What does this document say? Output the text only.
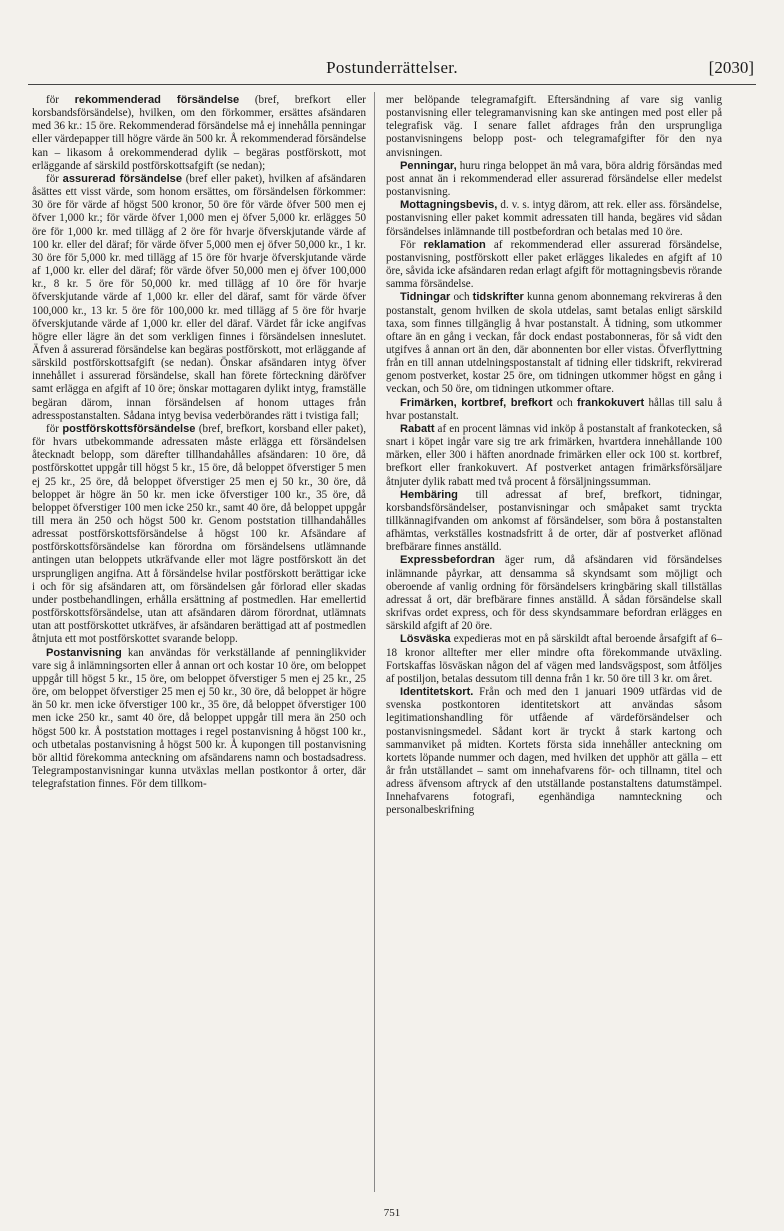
Postunderrättelser.	[2030]

för rekommenderad försändelse (bref, brefkort eller korsbandsförsändelse), hvilken, om den förkommer, ersättes afsändaren med 36 kr.: 15 öre. Rekommenderad försändelse må ej innehålla penningar eller värdepapper till högre värde än 500 kr. Å rekommenderad försändelse kan – likasom å orekommenderad dylik – begäras postförskott, mot erläggande af särskild postförskottsafgift (se nedan);

för assurerad försändelse (bref eller paket), hvilken af afsändaren åsättes ett visst värde, som honom ersättes, om försändelsen förkommer: 30 öre för värde af högst 500 kronor, 50 öre för värde öfver 500 men ej öfver 1,000 kr.; för värde öfver 1,000 men ej öfver 5,000 kr. erlägges 50 öre för 1,000 kr. med tillägg af 2 öre för hvarje öfverskjutande värde af 100 kr. eller del däraf; för värde öfver 5,000 men ej öfver 50,000 kr., 1 kr. 30 öre för 5,000 kr. med tillägg af 15 öre för hvarje öfverskjutande värde af 1,000 kr. eller del däraf; för värde öfver 50,000 men ej öfver 100,000 kr., 8 kr. 5 öre för 50,000 kr. med tillägg af 10 öre för hvarje öfverskjutande värde af 1,000 kr. eller del däraf, samt för värde öfver 100,000 kr., 13 kr. 5 öre för 100,000 kr. med tillägg af 5 öre för hvarje öfverskjutande värde af 1,000 kr. eller del däraf. Värdet får icke angifvas högre eller lägre än det som verkligen finnes i försändelsen inneslutet. Äfven å assurerad försändelse kan begäras postförskott, mot erläggande af särskild postförskottsafgift (se nedan). Önskar afsändaren intyg öfver innehållet i assurerad försändelse, skall han förete förteckning däröfver samt erlägga en afgift af 10 öre; önskar mottagaren dylikt intyg, framställe begäran därom, innan försändelsen af honom uttages från adresspostanstalten. Sådana intyg bevisa vederbörandes rätt i tvistiga fall;

för postförskottsförsändelse (bref, brefkort, korsband eller paket), för hvars utbekommande adressaten måste erlägga ett försändelsen åtecknadt belopp, som därefter tillhandahålles afsändaren: 10 öre, då postförskottet uppgår till högst 5 kr., 15 öre, då beloppet öfverstiger 5 men ej 25 kr., 25 öre, då beloppet öfverstiger 25 men ej 50 kr., 30 öre, då beloppet är högre än 50 kr. men icke öfverstiger 100 kr., 35 öre, då beloppet öfverstiger 100 men icke 250 kr., samt 40 öre, då beloppet uppgår till mera än 250 och högst 500 kr. Genom poststation tillhandahålles adressat postförskottsförsändelse å högst 100 kr. Afsändare af postförskottsförsändelse kan förordna om försändelsens utlämnande antingen utan beloppets utkräfvande eller mot lägre postförskott än det ursprungligen angifna. Att å försändelse hvilar postförskott berättigar icke i och för sig afsändaren att, om försändelsen går förlorad eller skadas under postbehandlingen, erhålla ersättning af postmedlen. Har emellertid postförskottsförsändelse, utan att afsändaren därom förordnat, utlämnats utan att postförskottet utkräfves, är afsändaren berättigad att af postmedlen åtnjuta ett mot postförskottet svarande belopp.

Postanvisning kan användas för verkställande af penninglikvider vare sig å inlämningsorten eller å annan ort och kostar 10 öre, om beloppet uppgår till högst 5 kr., 15 öre, om beloppet öfverstiger 5 men ej 25 kr., 25 öre, om beloppet öfverstiger 25 men ej 50 kr., 30 öre, då beloppet är högre än 50 kr. men icke öfverstiger 100 kr., 35 öre, då beloppet öfverstiger 100 men icke 250 kr., samt 40 öre, då beloppet uppgår till mera än 250 och högst 500 kr. Å poststation mottages i regel postanvisning å högst 100 kr., och utbetalas postanvisning å högst 500 kr. Å kupongen till postanvisning bör alltid förekomma anteckning om afsändarens namn och bostadsadress. Telegrampostanvisningar kunna utväxlas mellan postkontor å orter, där telegrafstation finnes. För dem tillkom-

mer belöpande telegramafgift. Eftersändning af vare sig vanlig postanvisning eller telegramanvisning kan ske antingen med post eller på telegrafisk väg. I senare fallet afdrages från den ursprungliga postanvisningens belopp post- och telegramafgifter för den nya anvisningen.

Penningar, huru ringa beloppet än må vara, böra aldrig försändas med post annat än i rekommenderad eller assurerad försändelse eller medelst postanvisning.

Mottagningsbevis, d. v. s. intyg därom, att rek. eller ass. försändelse, postanvisning eller paket kommit adressaten till handa, begäres vid sådan försändelses inlämnande till postbefordran och betalas med 10 öre.

För reklamation af rekommenderad eller assurerad försändelse, postanvisning, postförskott eller paket erlägges likaledes en afgift af 10 öre, såvida icke afsändaren redan erlagt afgift för mottagningsbevis rörande samma försändelse.

Tidningar och tidskrifter kunna genom abonnemang rekvireras å den postanstalt, genom hvilken de skola utdelas, samt betalas enligt särskild taxa, som finnes tillgänglig å hvar postanstalt. Å tidning, som utkommer oftare än en gång i veckan, får dock endast postabonneras, för så vidt den utgifves å annan ort än den, där abonnenten bor eller vistas. Öfverflyttning från en till annan utdelningspostanstalt af tidning eller tidskrift, rekvirerad genom postverket, kostar 25 öre, om tidningen utkommer högst en gång i veckan, och 50 öre, om tidningen utkommer oftare.

Frimärken, kortbref, brefkort och frankokuvert hållas till salu å hvar postanstalt.

Rabatt af en procent lämnas vid inköp å postanstalt af frankotecken, så snart i köpet ingår vare sig tre ark frimärken, hvartdera innehållande 100 märken, eller 300 i häften anordnade frimärken eller ock 100 st. kortbref, brefkort eller frankokuvert. Af postverket antagen frimärksförsäljare åtnjuter dylik rabatt med två procent å försäljningssumman.

Hembäring till adressat af bref, brefkort, tidningar, korsbandsförsändelser, postanvisningar och småpaket samt tryckta tillkännagifvanden om ankomst af försändelser, som böra å postanstalten afhämtas, verkställes kostnadsfritt å de orter, där af postverket aflönad brefbärare finnes anställd.

Expressbefordran äger rum, då afsändaren vid försändelses inlämnande påyrkar, att densamma så skyndsamt som möjligt och oberoende af vanlig ordning för försändelsers kringbäring skall tillställas adressat å ort, där brefbärare finnes anställd. Å sådan försändelse skall skrifvas ordet express, och för dess skyndsammare befordran erlägges en särskild afgift af 20 öre.

Lösväska expedieras mot en på särskildt aftal beroende årsafgift af 6–18 kronor alltefter mer eller mindre ofta förekommande utväxling. Fortskaffas lösväskan någon del af vägen med landsvägspost, som åtföljes af postiljon, betalas dessutom till denna från 1 kr. 50 öre till 3 kr. om året.

Identitetskort. Från och med den 1 januari 1909 utfärdas vid de svenska postkontoren identitetskort att användas såsom legitimationshandling för utfående af värdeförsändelser och postanvisningsmedel. Sådant kort är tryckt å stark kartong och sammanviket på midten. Kortets första sida innehåller anteckning om kortets löpande nummer och dagen, med hvilken det upphör att gälla – ett år från utställandet – samt om innehafvarens för- och tillnamn, titel och adress äfvensom aftryck af den utställande postanstaltens datumstämpel. Innehafvarens fotografi, egenhändiga namnteckning och personalbeskrifning

751
